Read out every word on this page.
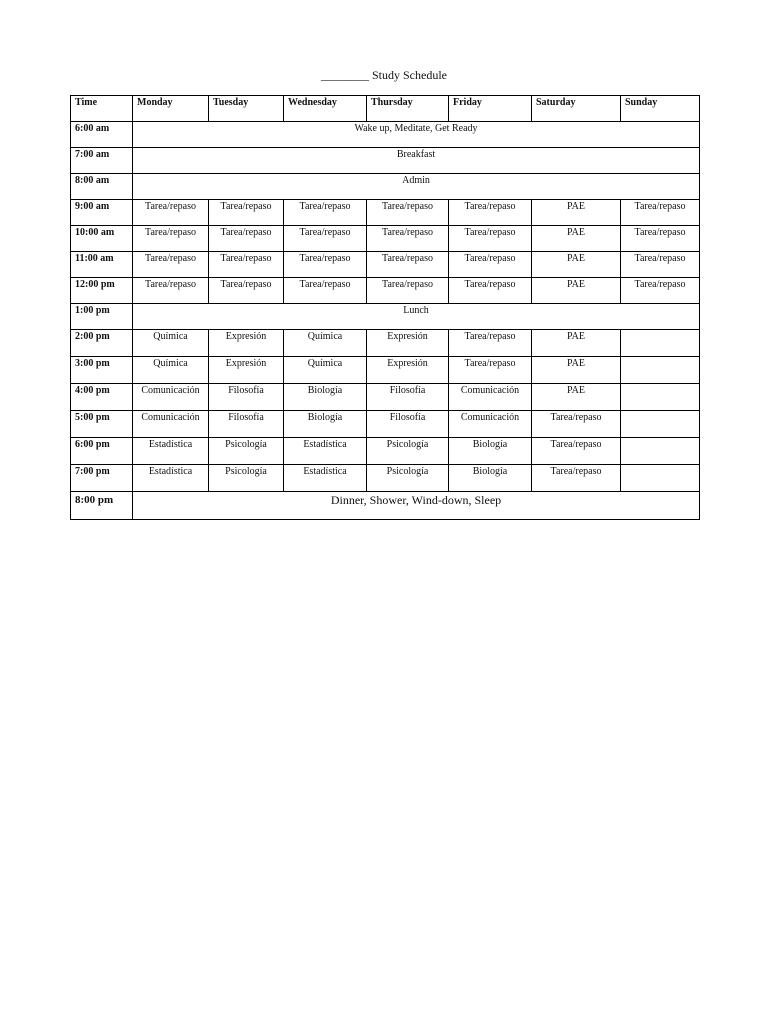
________ Study Schedule
Time	Monday	Tuesday	Wednesday	Thursday	Friday	Saturday	Sunday
6:00 am	Wake up, Meditate, Get Ready						
7:00 am	Breakfast						
8:00 am	Admin						
9:00 am	Tarea/repaso	Tarea/repaso	Tarea/repaso	Tarea/repaso	Tarea/repaso	PAE	Tarea/repaso
10:00 am	Tarea/repaso	Tarea/repaso	Tarea/repaso	Tarea/repaso	Tarea/repaso	PAE	Tarea/repaso
11:00 am	Tarea/repaso	Tarea/repaso	Tarea/repaso	Tarea/repaso	Tarea/repaso	PAE	Tarea/repaso
12:00 pm	Tarea/repaso	Tarea/repaso	Tarea/repaso	Tarea/repaso	Tarea/repaso	PAE	Tarea/repaso
1:00 pm	Lunch						
2:00 pm	Química	Expresión	Química	Expresión	Tarea/repaso	PAE	
3:00 pm	Química	Expresión	Química	Expresión	Tarea/repaso	PAE	
4:00 pm	Comunicación	Filosofía	Biología	Filosofía	Comunicación	PAE	
5:00 pm	Comunicación	Filosofía	Biología	Filosofía	Comunicación	Tarea/repaso	
6:00 pm	Estadística	Psicología	Estadística	Psicología	Biología	Tarea/repaso	
7:00 pm	Estadística	Psicología	Estadística	Psicología	Biología	Tarea/repaso	
8:00 pm	Dinner, Shower, Wind-down, Sleep						
